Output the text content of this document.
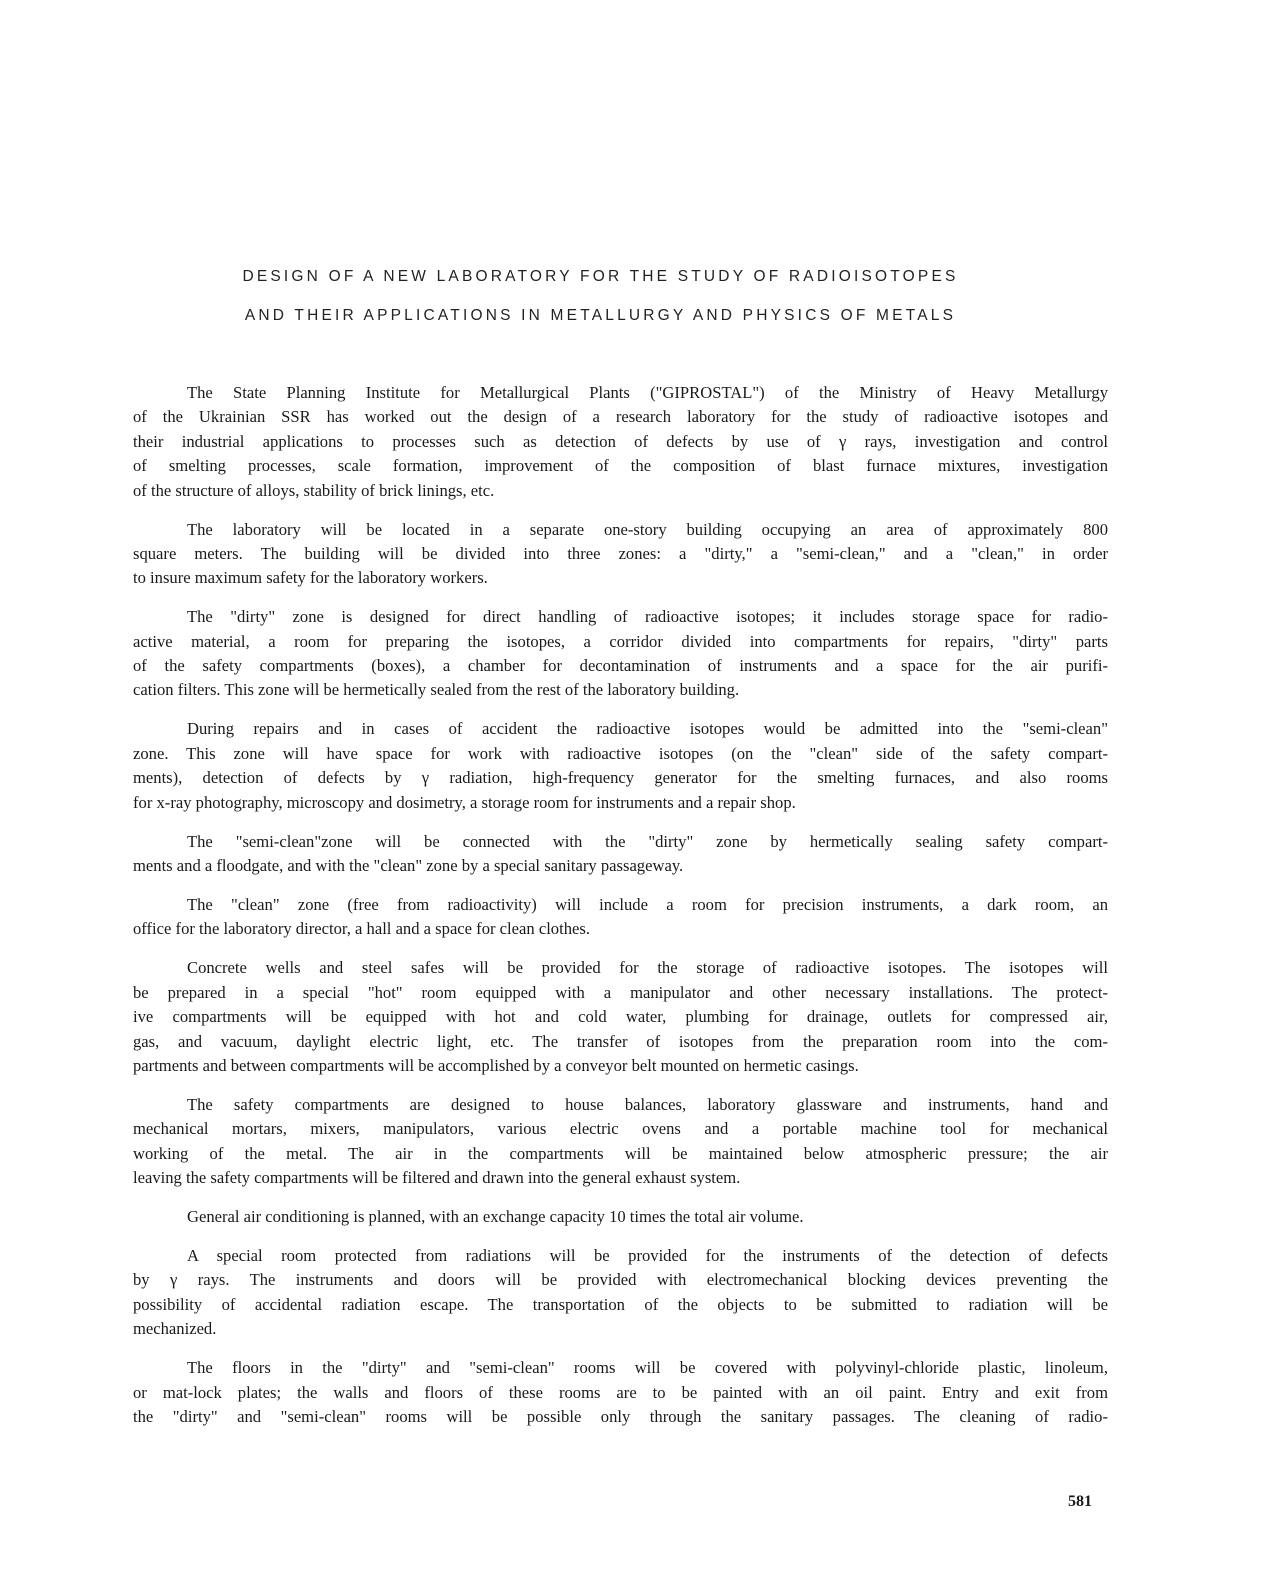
DESIGN OF A NEW LABORATORY FOR THE STUDY OF RADIOISOTOPES
AND THEIR APPLICATIONS IN METALLURGY AND PHYSICS OF METALS
The State Planning Institute for Metallurgical Plants ("GIPROSTAL") of the Ministry of Heavy Metallurgy
of the Ukrainian SSR has worked out the design of a research laboratory for the study of radioactive isotopes and
their industrial applications to processes such as detection of defects by use of γ rays, investigation and control
of smelting processes, scale formation, improvement of the composition of blast furnace mixtures, investigation
of the structure of alloys, stability of brick linings, etc.
The laboratory will be located in a separate one-story building occupying an area of approximately 800
square meters. The building will be divided into three zones: a "dirty," a "semi-clean," and a "clean," in order
to insure maximum safety for the laboratory workers.
The "dirty" zone is designed for direct handling of radioactive isotopes; it includes storage space for radio-
active material, a room for preparing the isotopes, a corridor divided into compartments for repairs, "dirty" parts
of the safety compartments (boxes), a chamber for decontamination of instruments and a space for the air purifi-
cation filters. This zone will be hermetically sealed from the rest of the laboratory building.
During repairs and in cases of accident the radioactive isotopes would be admitted into the "semi-clean"
zone. This zone will have space for work with radioactive isotopes (on the "clean" side of the safety compart-
ments), detection of defects by γ radiation, high-frequency generator for the smelting furnaces, and also rooms
for x-ray photography, microscopy and dosimetry, a storage room for instruments and a repair shop.
The "semi-clean"zone will be connected with the "dirty" zone by hermetically sealing safety compart-
ments and a floodgate, and with the "clean" zone by a special sanitary passageway.
The "clean" zone (free from radioactivity) will include a room for precision instruments, a dark room, an
office for the laboratory director, a hall and a space for clean clothes.
Concrete wells and steel safes will be provided for the storage of radioactive isotopes. The isotopes will
be prepared in a special "hot" room equipped with a manipulator and other necessary installations. The protect-
ive compartments will be equipped with hot and cold water, plumbing for drainage, outlets for compressed air,
gas, and vacuum, daylight electric light, etc. The transfer of isotopes from the preparation room into the com-
partments and between compartments will be accomplished by a conveyor belt mounted on hermetic casings.
The safety compartments are designed to house balances, laboratory glassware and instruments, hand and
mechanical mortars, mixers, manipulators, various electric ovens and a portable machine tool for mechanical
working of the metal. The air in the compartments will be maintained below atmospheric pressure; the air
leaving the safety compartments will be filtered and drawn into the general exhaust system.
General air conditioning is planned, with an exchange capacity 10 times the total air volume.
A special room protected from radiations will be provided for the instruments of the detection of defects
by γ rays. The instruments and doors will be provided with electromechanical blocking devices preventing the
possibility of accidental radiation escape. The transportation of the objects to be submitted to radiation will be
mechanized.
The floors in the "dirty" and "semi-clean" rooms will be covered with polyvinyl-chloride plastic, linoleum,
or mat-lock plates; the walls and floors of these rooms are to be painted with an oil paint. Entry and exit from
the "dirty" and "semi-clean" rooms will be possible only through the sanitary passages. The cleaning of radio-
581
